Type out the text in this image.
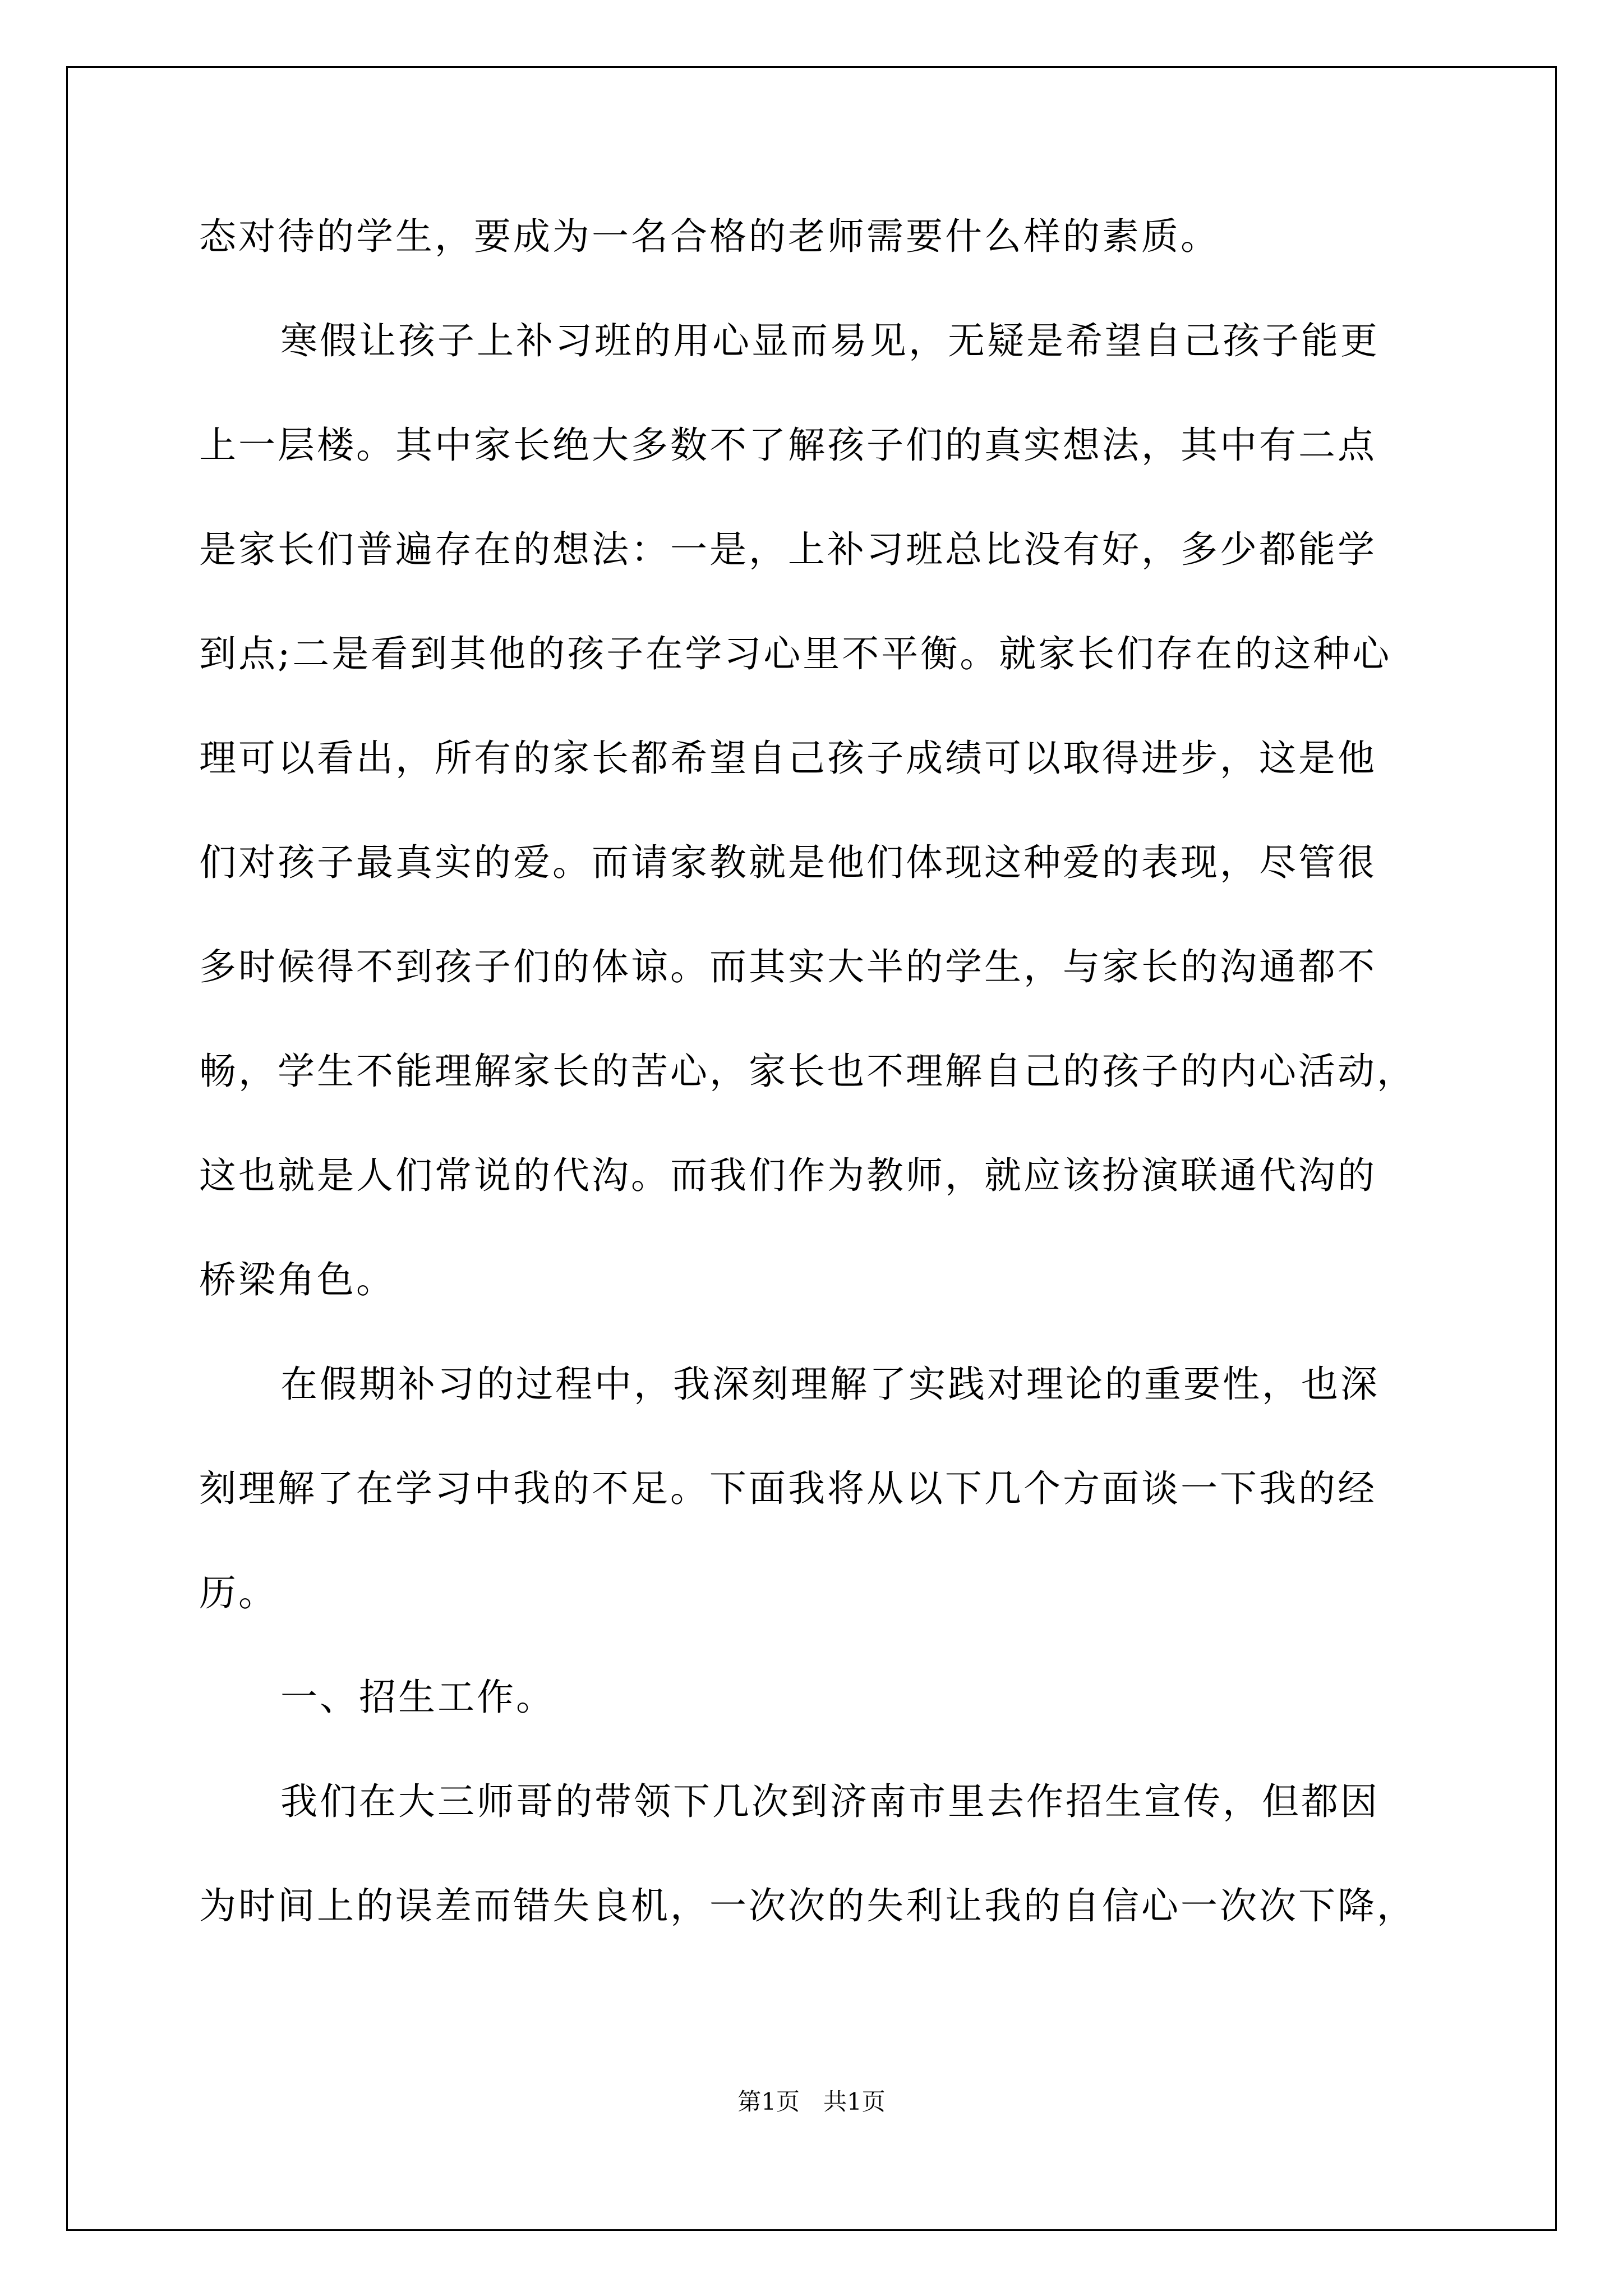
态对待的学生，要成为一名合格的老师需要什么样的素质。
寒假让孩子上补习班的用心显而易见，无疑是希望自己孩子能更
上一层楼。其中家长绝大多数不了解孩子们的真实想法，其中有二点
是家长们普遍存在的想法：一是，上补习班总比没有好，多少都能学
到点;二是看到其他的孩子在学习心里不平衡。就家长们存在的这种心
理可以看出，所有的家长都希望自己孩子成绩可以取得进步，这是他
们对孩子最真实的爱。而请家教就是他们体现这种爱的表现，尽管很
多时候得不到孩子们的体谅。而其实大半的学生，与家长的沟通都不
畅，学生不能理解家长的苦心，家长也不理解自己的孩子的内心活动，
这也就是人们常说的代沟。而我们作为教师，就应该扮演联通代沟的
桥梁角色。
在假期补习的过程中，我深刻理解了实践对理论的重要性，也深
刻理解了在学习中我的不足。下面我将从以下几个方面谈一下我的经
历。
一、招生工作。
我们在大三师哥的带领下几次到济南市里去作招生宣传，但都因
为时间上的误差而错失良机，一次次的失利让我的自信心一次次下降，
第1页　共1页
